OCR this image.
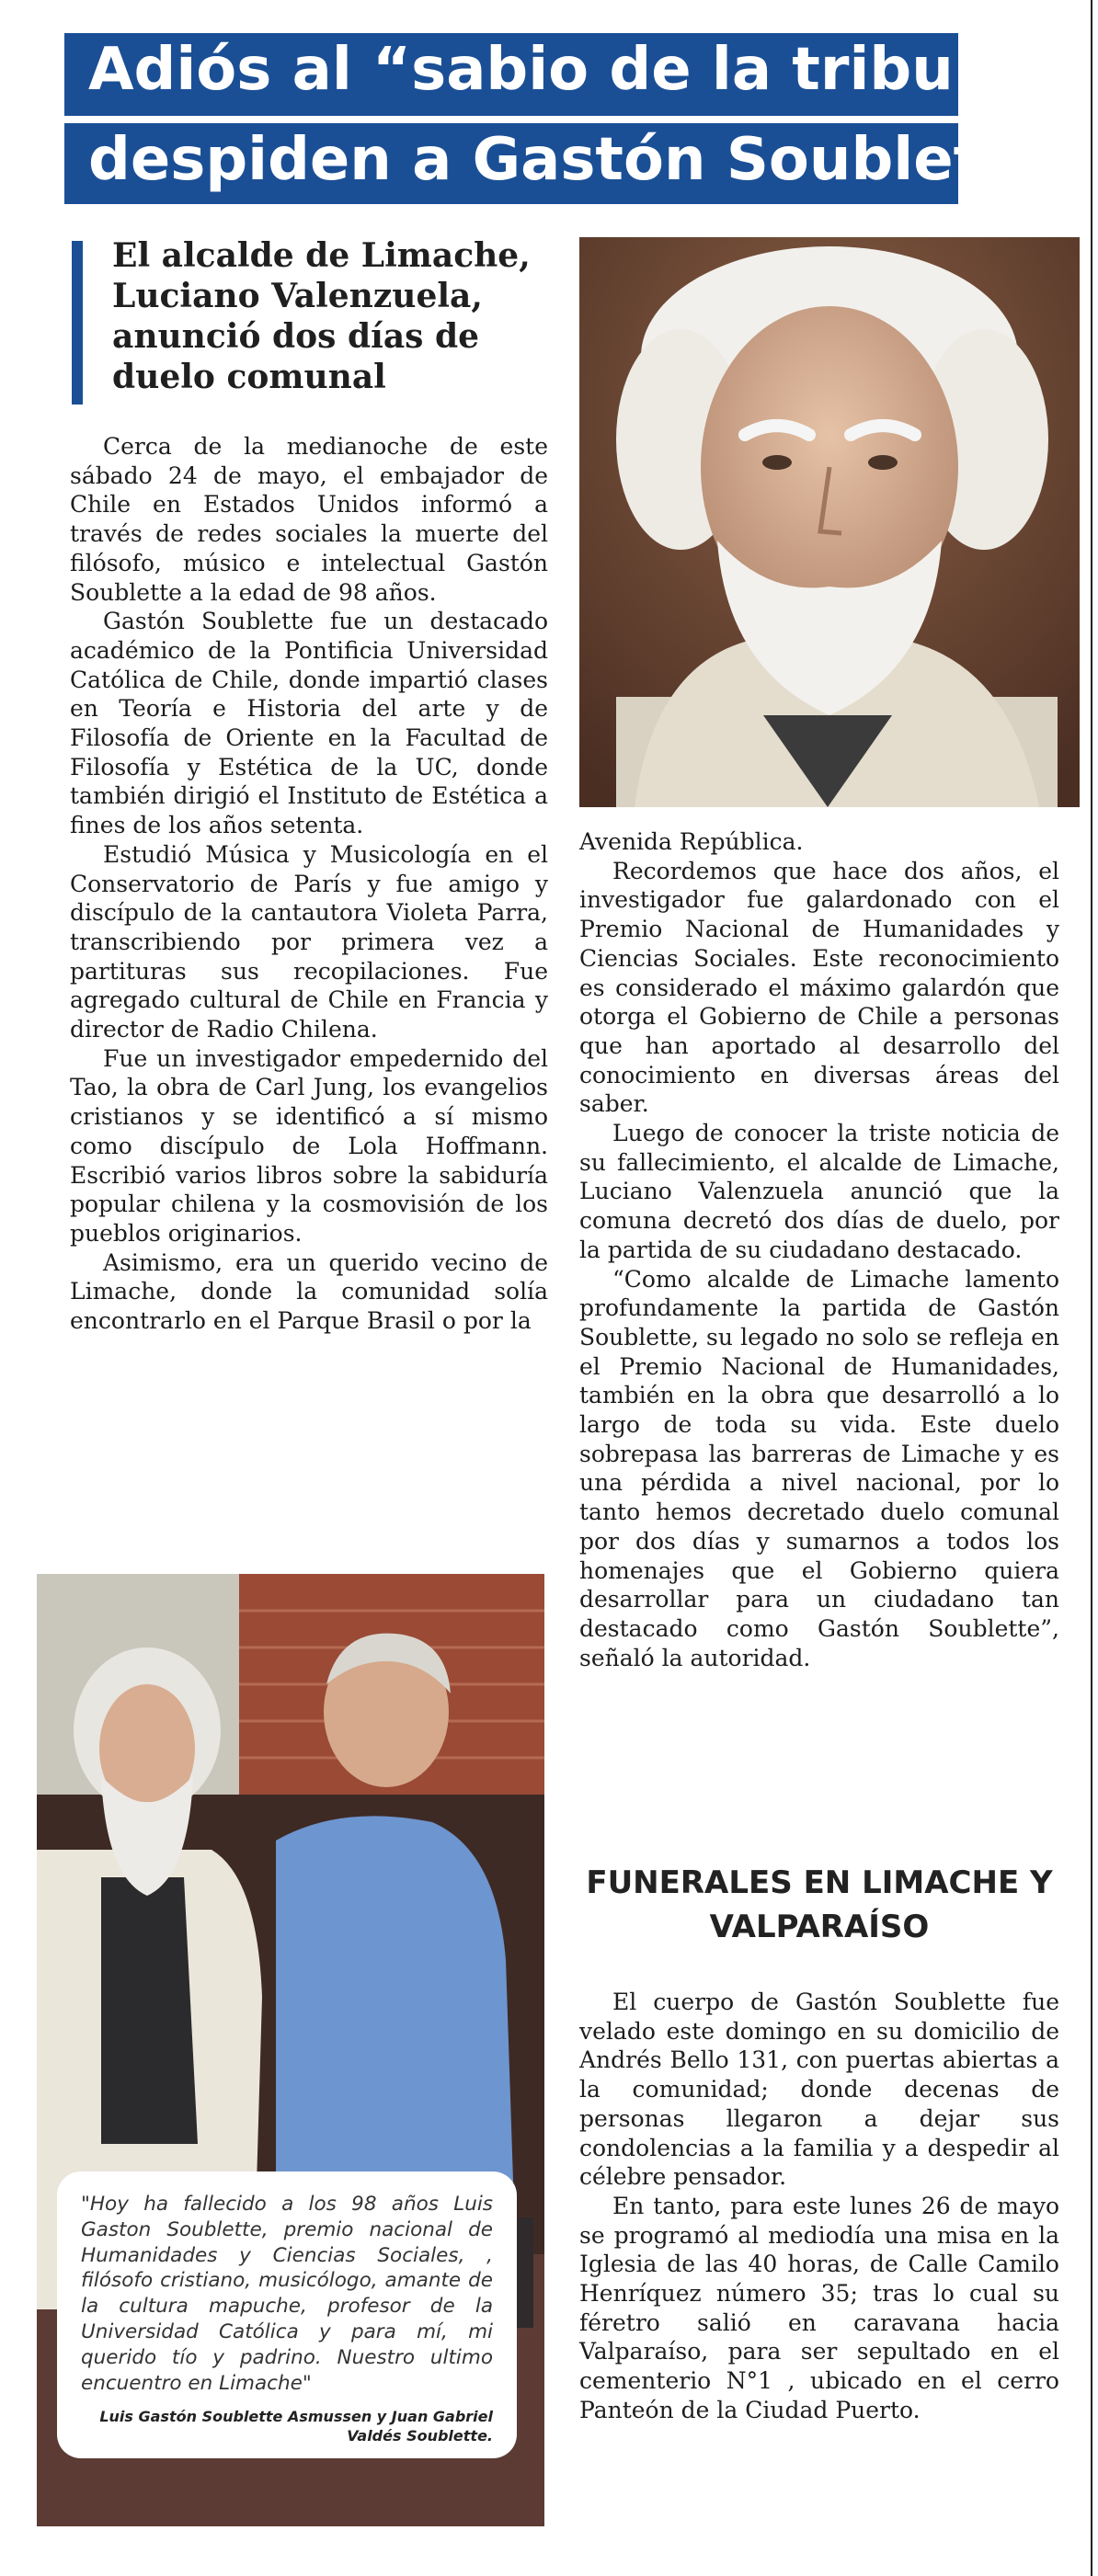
Adiós al “sabio de la tribu”:
despiden a Gastón Soublette
El alcalde de Limache, Luciano Valenzuela, anunció dos días de duelo comunal

Cerca de la medianoche de este sábado 24 de mayo, el embajador de Chile en Estados Unidos informó a través de redes sociales la muerte del filósofo, músico e intelectual Gastón Soublette a la edad de 98 años.

Gastón Soublette fue un destacado académico de la Pontificia Universidad Católica de Chile, donde impartió clases en Teoría e Historia del arte y de Filosofía de Oriente en la Facultad de Filosofía y Estética de la UC, donde también dirigió el Instituto de Estética a fines de los años setenta.

Estudió Música y Musicología en el Conservatorio de París y fue amigo y discípulo de la cantautora Violeta Parra, transcribiendo por primera vez a partituras sus recopilaciones. Fue agregado cultural de Chile en Francia y director de Radio Chilena.

Fue un investigador empedernido del Tao, la obra de Carl Jung, los evangelios cristianos y se identificó a sí mismo como discípulo de Lola Hoffmann. Escribió varios libros sobre la sabiduría popular chilena y la cosmovisión de los pueblos originarios.

Asimismo, era un querido vecino de Limache, donde la comunidad solía encontrarlo en el Parque Brasil o por la

Avenida República.

Recordemos que hace dos años, el investigador fue galardonado con el Premio Nacional de Humanidades y Ciencias Sociales. Este reconocimiento es considerado el máximo galardón que otorga el Gobierno de Chile a personas que han aportado al desarrollo del conocimiento en diversas áreas del saber.

Luego de conocer la triste noticia de su fallecimiento, el alcalde de Limache, Luciano Valenzuela anunció que la comuna decretó dos días de duelo, por la partida de su ciudadano destacado.

“Como alcalde de Limache lamento profundamente la partida de Gastón Soublette, su legado no solo se refleja en el Premio Nacional de Humanidades, también en la obra que desarrolló a lo largo de toda su vida. Este duelo sobrepasa las barreras de Limache y es una pérdida a nivel nacional, por lo tanto hemos decretado duelo comunal por dos días y sumarnos a todos los homenajes que el Gobierno quiera desarrollar para un ciudadano tan destacado como Gastón Soublette”, señaló la autoridad.

"Hoy ha fallecido a los 98 años Luis Gaston Soublette, premio nacional de Humanidades y Ciencias Sociales, , filósofo cristiano, musicólogo, amante de la cultura mapuche, profesor de la Universidad Católica y para mí, mi querido tío y padrino. Nuestro ultimo encuentro en Limache"
Luis Gastón Soublette Asmussen y Juan Gabriel Valdés Soublette.
FUNERALES EN LIMACHE Y VALPARAÍSO

El cuerpo de Gastón Soublette fue velado este domingo en su domicilio de Andrés Bello 131, con puertas abiertas a la comunidad; donde decenas de personas llegaron a dejar sus condolencias a la familia y a despedir al célebre pensador.

En tanto, para este lunes 26 de mayo se programó al mediodía una misa en la Iglesia de las 40 horas, de Calle Camilo Henríquez número 35; tras lo cual su féretro salió en caravana hacia Valparaíso, para ser sepultado en el cementerio N°1 , ubicado en el cerro Panteón de la Ciudad Puerto.
